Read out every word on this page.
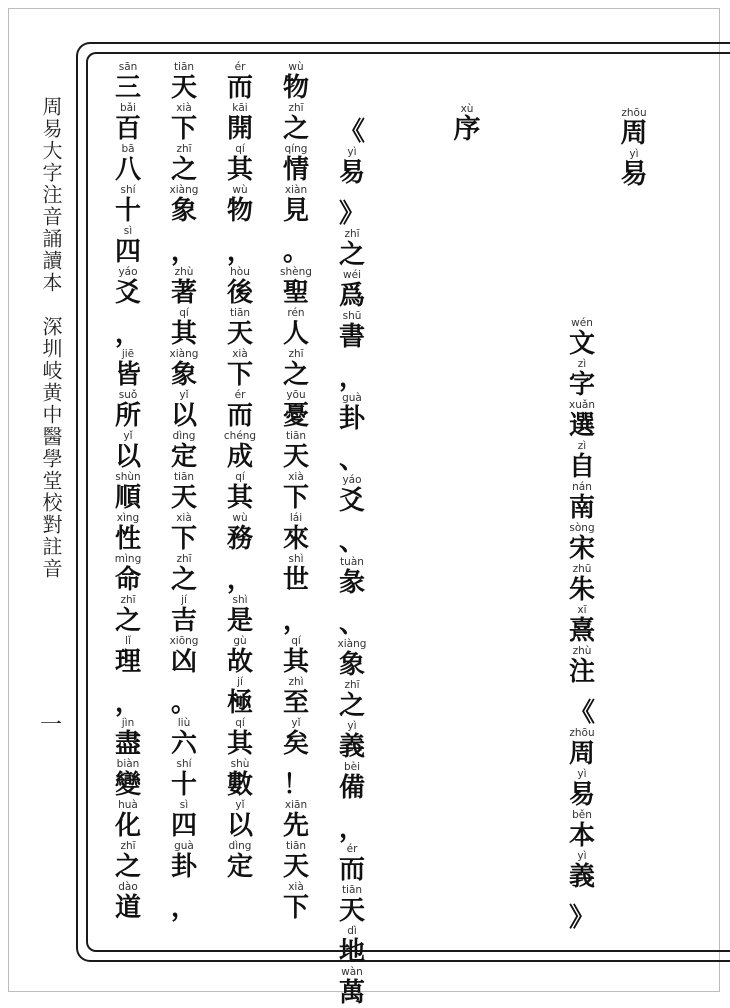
周易大字注音誦讀本　深圳岐黄中醫學堂校對註音
一
zhōu
周
yì
易
xù
序
wén
文
zì
字
xuǎn
選
zì
自
nán
南
sòng
宋
zhū
朱
xī
熹
zhù
注
《
zhōu
周
yì
易
běn
本
yì
義
》
《
yì
易
》
zhī
之
wéi
爲
shū
書
，
guà
卦
、
yáo
爻
、
tuàn
彖
、
xiàng
象
zhī
之
yì
義
bèi
備
，
ér
而
tiān
天
dì
地
wàn
萬
wù
物
zhī
之
qíng
情
xiàn
見
。
shèng
聖
rén
人
zhī
之
yōu
憂
tiān
天
xià
下
lái
來
shì
世
，
qí
其
zhì
至
yǐ
矣
！
xiān
先
tiān
天
xià
下
ér
而
kāi
開
qí
其
wù
物
，
hòu
後
tiān
天
xià
下
ér
而
chéng
成
qí
其
wù
務
，
shì
是
gù
故
jí
極
qí
其
shù
數
yǐ
以
dìng
定
tiān
天
xià
下
zhī
之
xiàng
象
，
zhù
著
qí
其
xiàng
象
yǐ
以
dìng
定
tiān
天
xià
下
zhī
之
jí
吉
xiōng
凶
。
liù
六
shí
十
sì
四
guà
卦
，
sān
三
bǎi
百
bā
八
shí
十
sì
四
yáo
爻
，
jiē
皆
suǒ
所
yǐ
以
shùn
順
xìng
性
mìng
命
zhī
之
lǐ
理
，
jìn
盡
biàn
變
huà
化
zhī
之
dào
道
